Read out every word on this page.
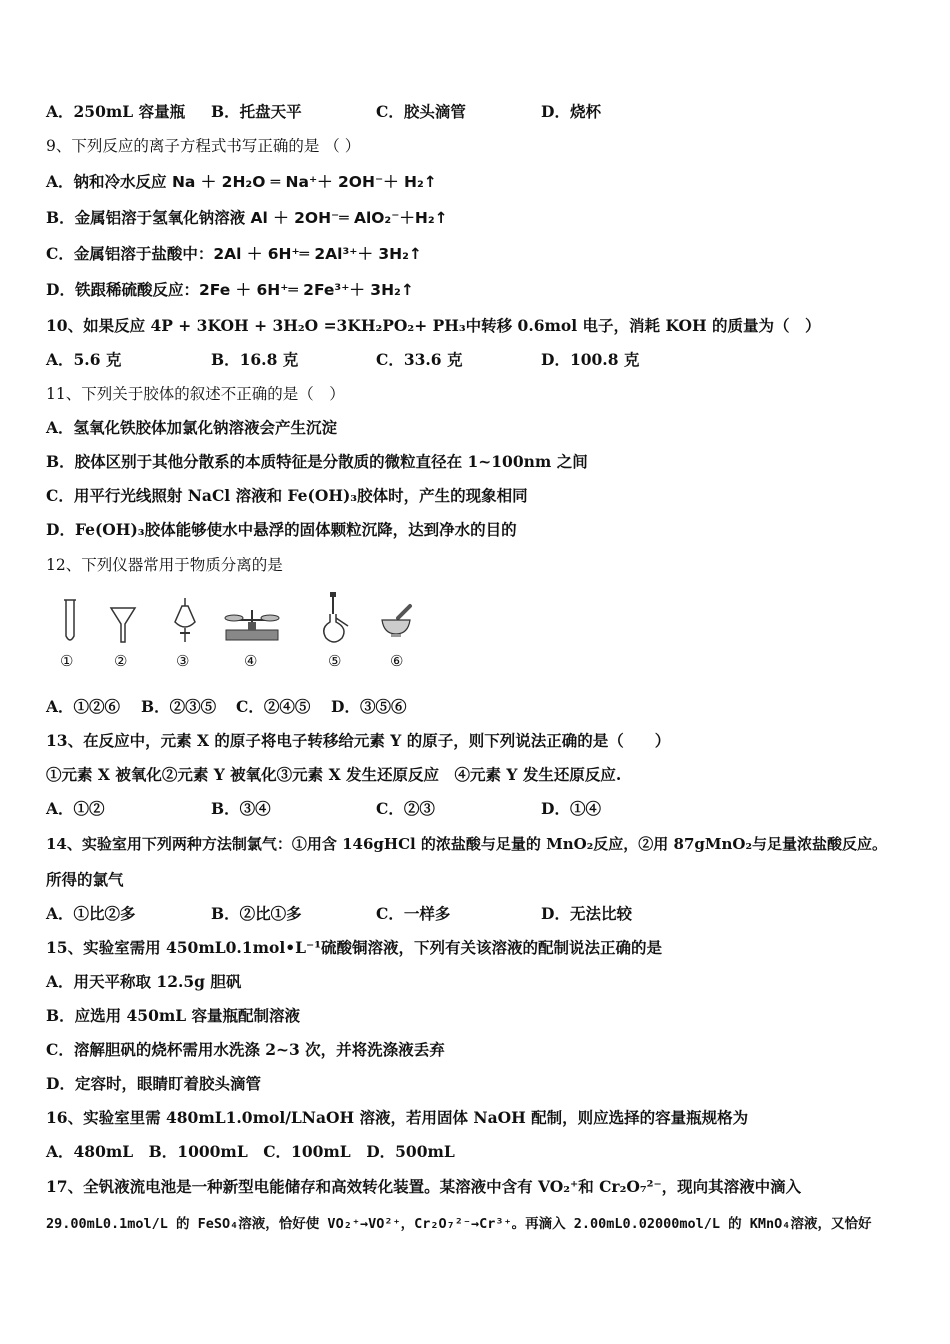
A．250mL 容量瓶 B．托盘天平	C．胶头滴管	D．烧杯
9、下列反应的离子方程式书写正确的是 （ ）
A．钠和冷水反应 Na ＋ 2H₂O ═ Na⁺＋ 2OH⁻＋ H₂↑
B．金属铝溶于氢氧化钠溶液 Al ＋ 2OH⁻═ AlO₂⁻＋H₂↑
C．金属铝溶于盐酸中：2Al ＋ 6H⁺═ 2Al³⁺＋ 3H₂↑
D．铁跟稀硫酸反应：2Fe ＋ 6H⁺═ 2Fe³⁺＋ 3H₂↑
10、如果反应 4P + 3KOH + 3H₂O =3KH₂PO₂+ PH₃中转移 0.6mol 电子，消耗 KOH 的质量为（　）
A．5.6 克	B．16.8 克	C．33.6 克	D．100.8 克
11、下列关于胶体的叙述不正确的是（　）
A．氢氧化铁胶体加氯化钠溶液会产生沉淀
B．胶体区别于其他分散系的本质特征是分散质的微粒直径在 1~100nm 之间
C．用平行光线照射 NaCl 溶液和 Fe(OH)₃胶体时，产生的现象相同
D．Fe(OH)₃胶体能够使水中悬浮的固体颗粒沉降，达到净水的目的
12、下列仪器常用于物质分离的是
①	②	③	④	⑤	⑥
A．①②⑥ B．②③⑤ C．②④⑤ D．③⑤⑥
13、在反应中，元素 X 的原子将电子转移给元素 Y 的原子，则下列说法正确的是（　　）
①元素 X 被氧化②元素 Y 被氧化③元素 X 发生还原反应　④元素 Y 发生还原反应.
A．①②	B．③④	C．②③	D．①④
14、实验室用下列两种方法制氯气：①用含 146gHCl 的浓盐酸与足量的 MnO₂反应，②用 87gMnO₂与足量浓盐酸反应。
所得的氯气
A．①比②多	B．②比①多	C．一样多	D．无法比较
15、实验室需用 450mL0.1mol•L⁻¹硫酸铜溶液，下列有关该溶液的配制说法正确的是
A．用天平称取 12.5g 胆矾
B．应选用 450mL 容量瓶配制溶液
C．溶解胆矾的烧杯需用水洗涤 2~3 次，并将洗涤液丢弃
D．定容时，眼睛盯着胶头滴管
16、实验室里需 480mL1.0mol/LNaOH 溶液，若用固体 NaOH 配制，则应选择的容量瓶规格为
A．480mL　B．1000mL　C．100mL　D．500mL
17、全钒液流电池是一种新型电能储存和高效转化装置。某溶液中含有 VO₂⁺和 Cr₂O₇²⁻，现向其溶液中滴入
29.00mL0.1mol/L 的 FeSO₄溶液，恰好使 VO₂⁺→VO²⁺，Cr₂O₇²⁻→Cr³⁺。再滴入 2.00mL0.02000mol/L 的 KMnO₄溶液，又恰好
